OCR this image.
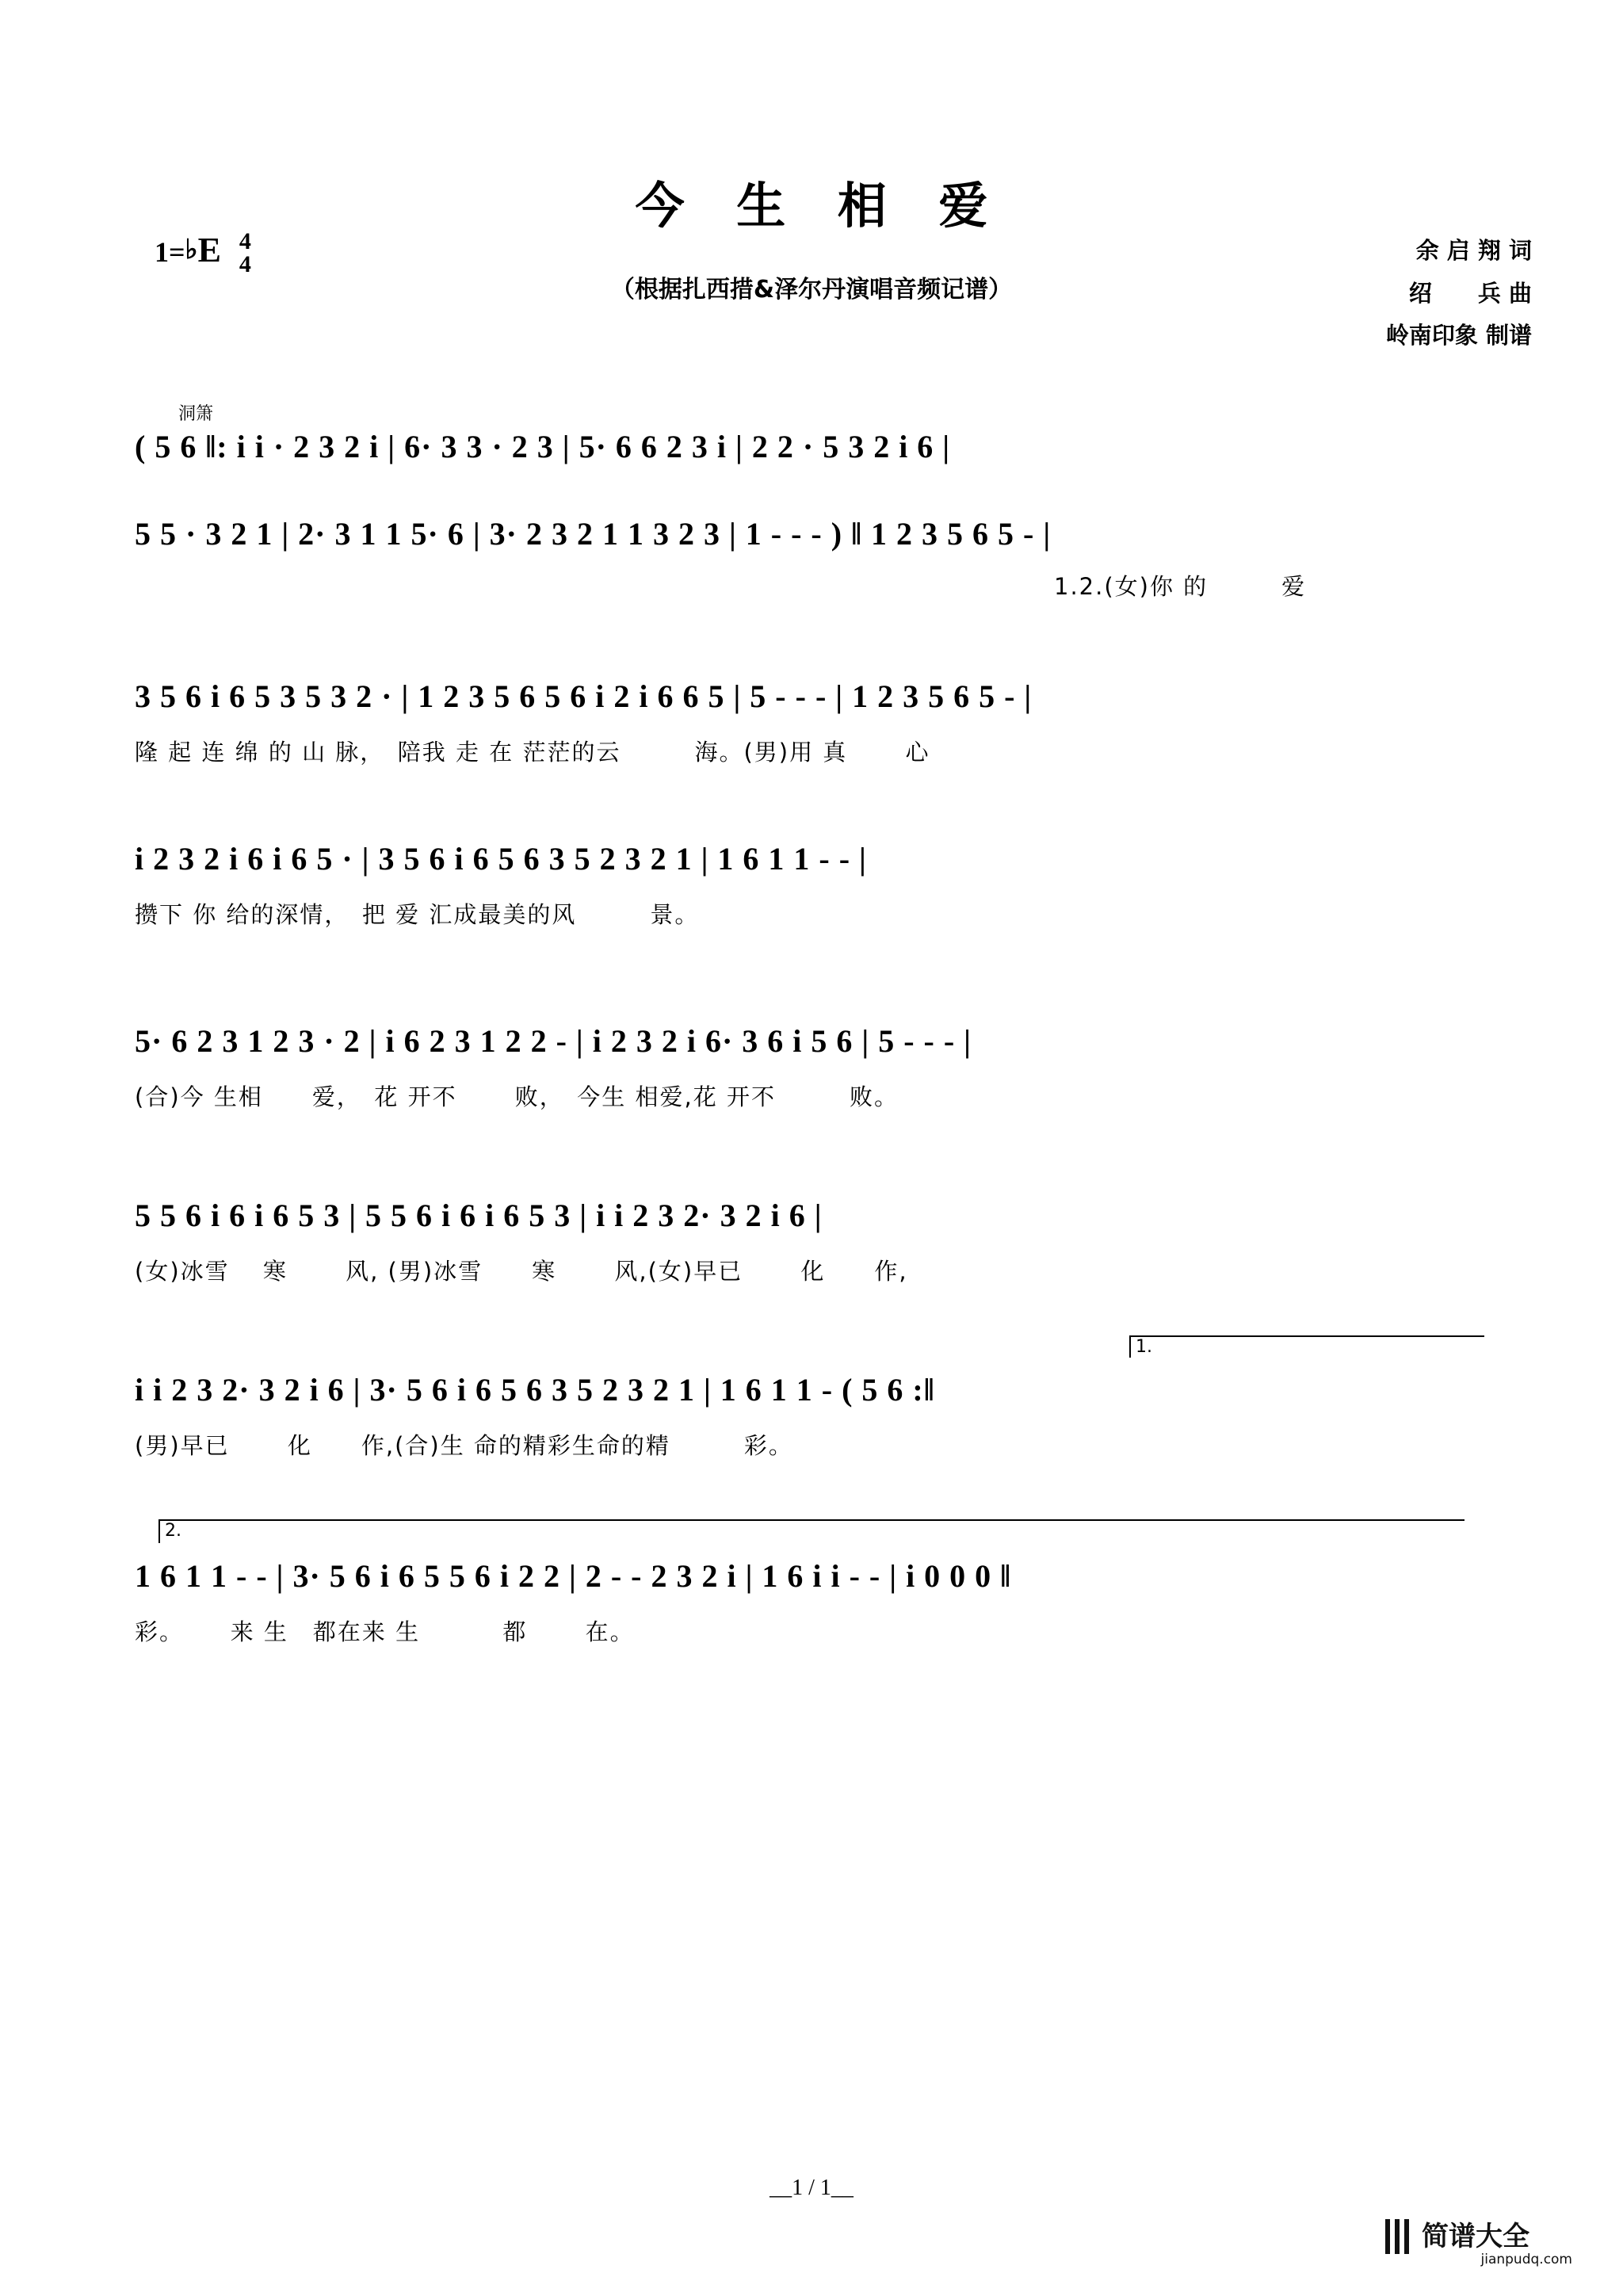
1=♭E 4
4
今 生 相 爱
（根据扎西措&泽尔丹演唱音频记谱）
余 启 翔 词
绍　　兵 曲
岭南印象 制谱
洞箫
( 5 6 ‖: i i · 2 3 2 i | 6· 3 3 · 2 3 | 5· 6 6 2 3 i | 2 2 · 5 3 2 i 6 |
5 5 · 3 2 1 | 2· 3 1 1 5· 6 | 3· 2 3 2 1 1 3 2 3 | 1 - - - ) ‖ 1 2 3 5 6 5 - |
1.2.(女)你 的　　　爱
3 5 6 i 6 5 3 5 3 2 · | 1 2 3 5 6 5 6 i 2 i 6 6 5 | 5 - - - | 1 2 3 5 6 5 - |
隆 起 连 绵 的 山 脉，　陪我 走 在 茫茫的云　　　海。(男)用 真　　 心
i 2 3 2 i 6 i 6 5 · | 3 5 6 i 6 5 6 3 5 2 3 2 1 | 1 6 1 1 - - |
攒下 你 给的深情，　把 爱 汇成最美的风　　　景。
5· 6 2 3 1 2 3 · 2 | i 6 2 3 1 2 2 - | i 2 3 2 i 6· 3 6 i 5 6 | 5 - - - |
(合)今 生相　　爱，　花 开不　　 败，　今生 相爱,花 开不　　　败。
5 5 6 i 6 i 6 5 3 | 5 5 6 i 6 i 6 5 3 | i i 2 3 2· 3 2 i 6 |
(女)冰雪　 寒　　 风, (男)冰雪　　寒　　 风,(女)早已　　 化　　作,
1.
i i 2 3 2· 3 2 i 6 | 3· 5 6 i 6 5 6 3 5 2 3 2 1 | 1 6 1 1 - ( 5 6 :‖
(男)早已　　 化　　作,(合)生 命的精彩生命的精　　　彩。
2.
1 6 1 1 - - | 3· 5 6 i 6 5 5 6 i 2 2 | 2 - - 2 3 2 i | 1 6 i i - - | i 0 0 0 ‖
彩。　　 来 生　都在来 生　　　 都　　 在。
__1 / 1__
简谱大全
jianpudq.com
